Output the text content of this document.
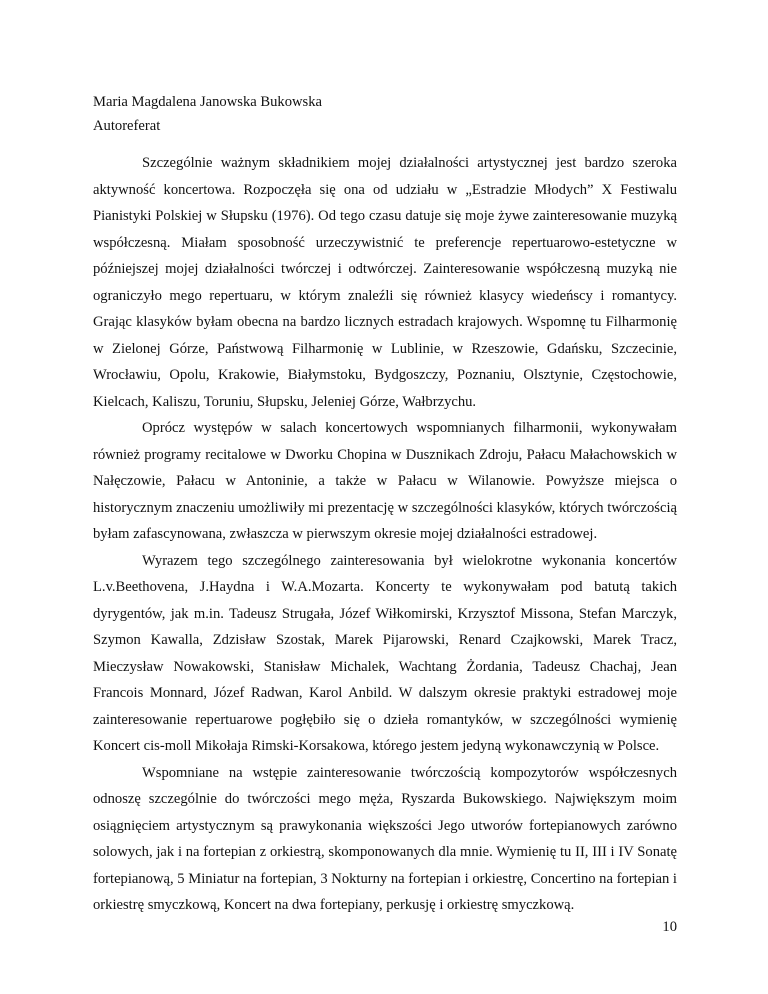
Maria Magdalena Janowska Bukowska
Autoreferat

Szczególnie ważnym składnikiem mojej działalności artystycznej jest bardzo szeroka aktywność koncertowa. Rozpoczęła się ona od udziału w „Estradzie Młodych” X Festiwalu Pianistyki Polskiej w Słupsku (1976). Od tego czasu datuje się moje żywe zainteresowanie muzyką współczesną. Miałam sposobność urzeczywistnić te preferencje repertuarowo-estetyczne w późniejszej mojej działalności twórczej i odtwórczej. Zainteresowanie współczesną muzyką nie ograniczyło mego repertuaru, w którym znaleźli się również klasycy wiedeńscy i romantycy. Grając klasyków byłam obecna na bardzo licznych estradach krajowych. Wspomnę tu Filharmonię w Zielonej Górze, Państwową Filharmonię w Lublinie, w Rzeszowie, Gdańsku, Szczecinie, Wrocławiu, Opolu, Krakowie, Białymstoku, Bydgoszczy, Poznaniu, Olsztynie, Częstochowie, Kielcach, Kaliszu, Toruniu, Słupsku, Jeleniej Górze, Wałbrzychu.

Oprócz występów w salach koncertowych wspomnianych filharmonii, wykonywałam również programy recitalowe w Dworku Chopina w Dusznikach Zdroju, Pałacu Małachowskich w Nałęczowie, Pałacu w Antoninie, a także w Pałacu w Wilanowie. Powyższe miejsca o historycznym znaczeniu umożliwiły mi prezentację w szczególności klasyków, których twórczością byłam zafascynowana, zwłaszcza w pierwszym okresie mojej działalności estradowej.

Wyrazem tego szczególnego zainteresowania był wielokrotne wykonania koncertów L.v.Beethovena, J.Haydna i W.A.Mozarta. Koncerty te wykonywałam pod batutą takich dyrygentów, jak m.in. Tadeusz Strugała, Józef Wiłkomirski, Krzysztof Missona, Stefan Marczyk, Szymon Kawalla, Zdzisław Szostak, Marek Pijarowski, Renard Czajkowski, Marek Tracz, Mieczysław Nowakowski, Stanisław Michalek, Wachtang Żordania, Tadeusz Chachaj, Jean Francois Monnard, Józef Radwan, Karol Anbild. W dalszym okresie praktyki estradowej moje zainteresowanie repertuarowe pogłębiło się o dzieła romantyków, w szczególności wymienię Koncert cis-moll Mikołaja Rimski-Korsakowa, którego jestem jedyną wykonawczynią w Polsce.

Wspomniane na wstępie zainteresowanie twórczością kompozytorów współczesnych odnoszę szczególnie do twórczości mego męża, Ryszarda Bukowskiego. Największym moim osiągnięciem artystycznym są prawykonania większości Jego utworów fortepianowych zarówno solowych, jak i na fortepian z orkiestrą, skomponowanych dla mnie. Wymienię tu II, III i IV Sonatę fortepianową, 5 Miniatur na fortepian, 3 Nokturny na fortepian i orkiestrę, Concertino na fortepian i orkiestrę smyczkową, Koncert na dwa fortepiany, perkusję i orkiestrę smyczkową.

10
